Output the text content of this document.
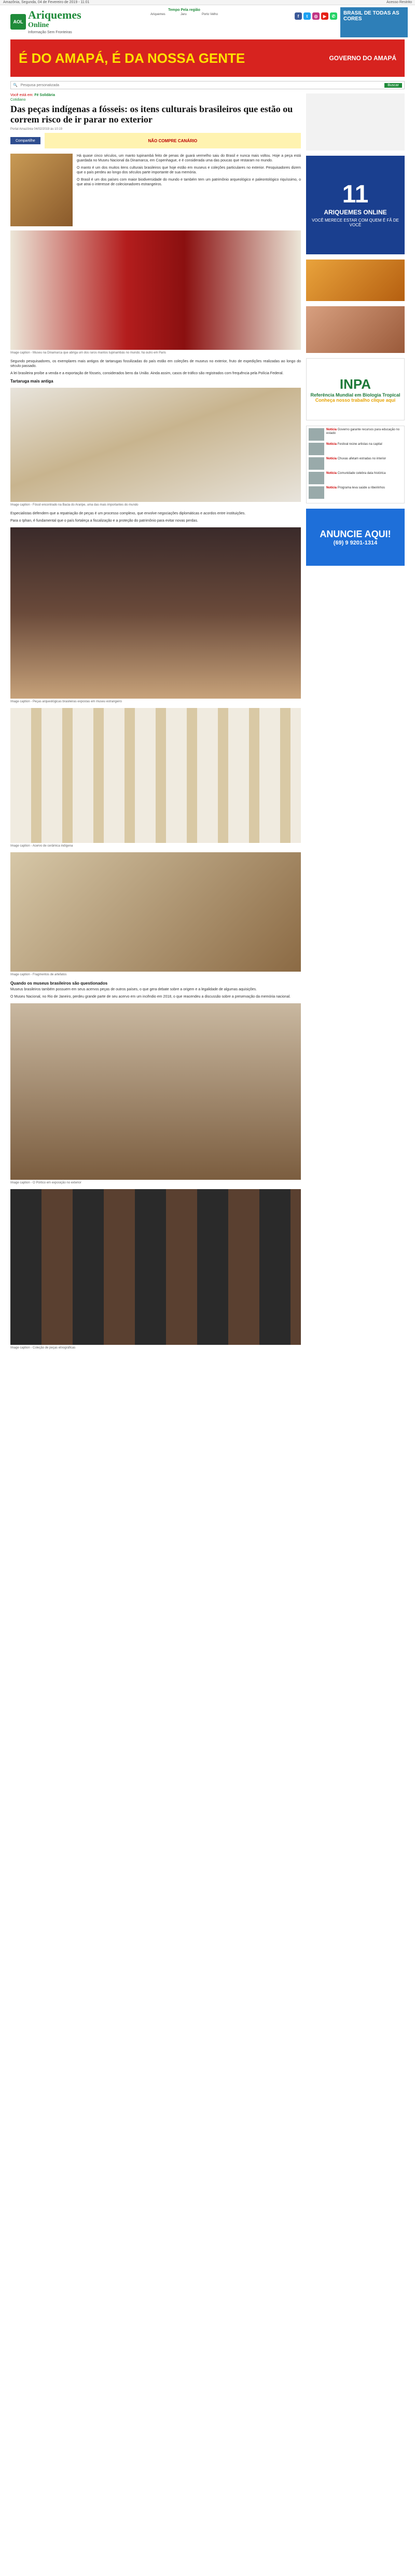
Amazônia, Segunda, 04 de Fevereiro de 2019 - 11:01	Acesso Restrito
AOL
Ariquemes
Online
Informação Sem Fronteiras
Tempo Pela região
Ariquemes	Jaru	Porto Velho	f	t	◎	▶	✆	BRASIL DE TODAS AS CORES
É DO AMAPÁ, É DA NOSSA GENTE	GOVERNO DO AMAPÁ
🔍
Pesquisa personalizada	Buscar
Você está em: Fé Solidária
Cotidiano
Das peças indígenas a fósseis: os itens culturais brasileiros que estão ou correm risco de ir parar no exterior
Portal Amazônia 04/02/2019 às 10:19
Compartilhe	NÃO COMPRE CANÁRIO

Há quase cinco séculos, um manto tupinambá feito de penas de guará vermelho saiu do Brasil e nunca mais voltou. Hoje a peça está guardada no Museu Nacional da Dinamarca, em Copenhague, e é considerada uma das poucas que restaram no mundo.

O manto é um dos muitos itens culturais brasileiros que hoje estão em museus e coleções particulares no exterior. Pesquisadores dizem que o país perdeu ao longo dos séculos parte importante de sua memória.

O Brasil é um dos países com maior biodiversidade do mundo e também tem um patrimônio arqueológico e paleontológico riquíssimo, o que atrai o interesse de colecionadores estrangeiros.

Image caption - Museu na Dinamarca que abriga um dos raros mantos tupinambás no mundo; há outro em Paris

Segundo pesquisadores, os exemplares mais antigos de tartarugas fossilizadas do país estão em coleções de museus no exterior, fruto de expedições realizadas ao longo do século passado.

A lei brasileira proíbe a venda e a exportação de fósseis, considerados bens da União. Ainda assim, casos de tráfico são registrados com frequência pela Polícia Federal.

Tartaruga mais antiga
Image caption - Fóssil encontrado na Bacia do Araripe, uma das mais importantes do mundo

Especialistas defendem que a repatriação de peças é um processo complexo, que envolve negociações diplomáticas e acordos entre instituições.

Para o Iphan, é fundamental que o país fortaleça a fiscalização e a proteção do patrimônio para evitar novas perdas.

Image caption - Peças arqueológicas brasileiras expostas em museu estrangeiro
Image caption - Acervo de cerâmica indígena
Image caption - Fragmentos de artefatos
Quando os museus brasileiros são questionados

Museus brasileiros também possuem em seus acervos peças de outros países, o que gera debate sobre a origem e a legalidade de algumas aquisições.

O Museu Nacional, no Rio de Janeiro, perdeu grande parte de seu acervo em um incêndio em 2018, o que reacendeu a discussão sobre a preservação da memória nacional.

Image caption - O Pórtico em exposição no exterior
Image caption - Coleção de peças etnográficas
11
ARIQUEMES ONLINE
VOCÊ MERECE ESTAR COM QUEM É FÃ DE VOCÊ
INPA
Referência Mundial em Biologia Tropical
Conheça nosso trabalho clique aqui
Notícia Governo garante recursos para educação no estado
Notícia Festival reúne artistas na capital
Notícia Chuvas afetam estradas no interior
Notícia Comunidade celebra data histórica
Notícia Programa leva saúde a ribeirinhos
ANUNCIE AQUI!
(69) 9 9201-1314
